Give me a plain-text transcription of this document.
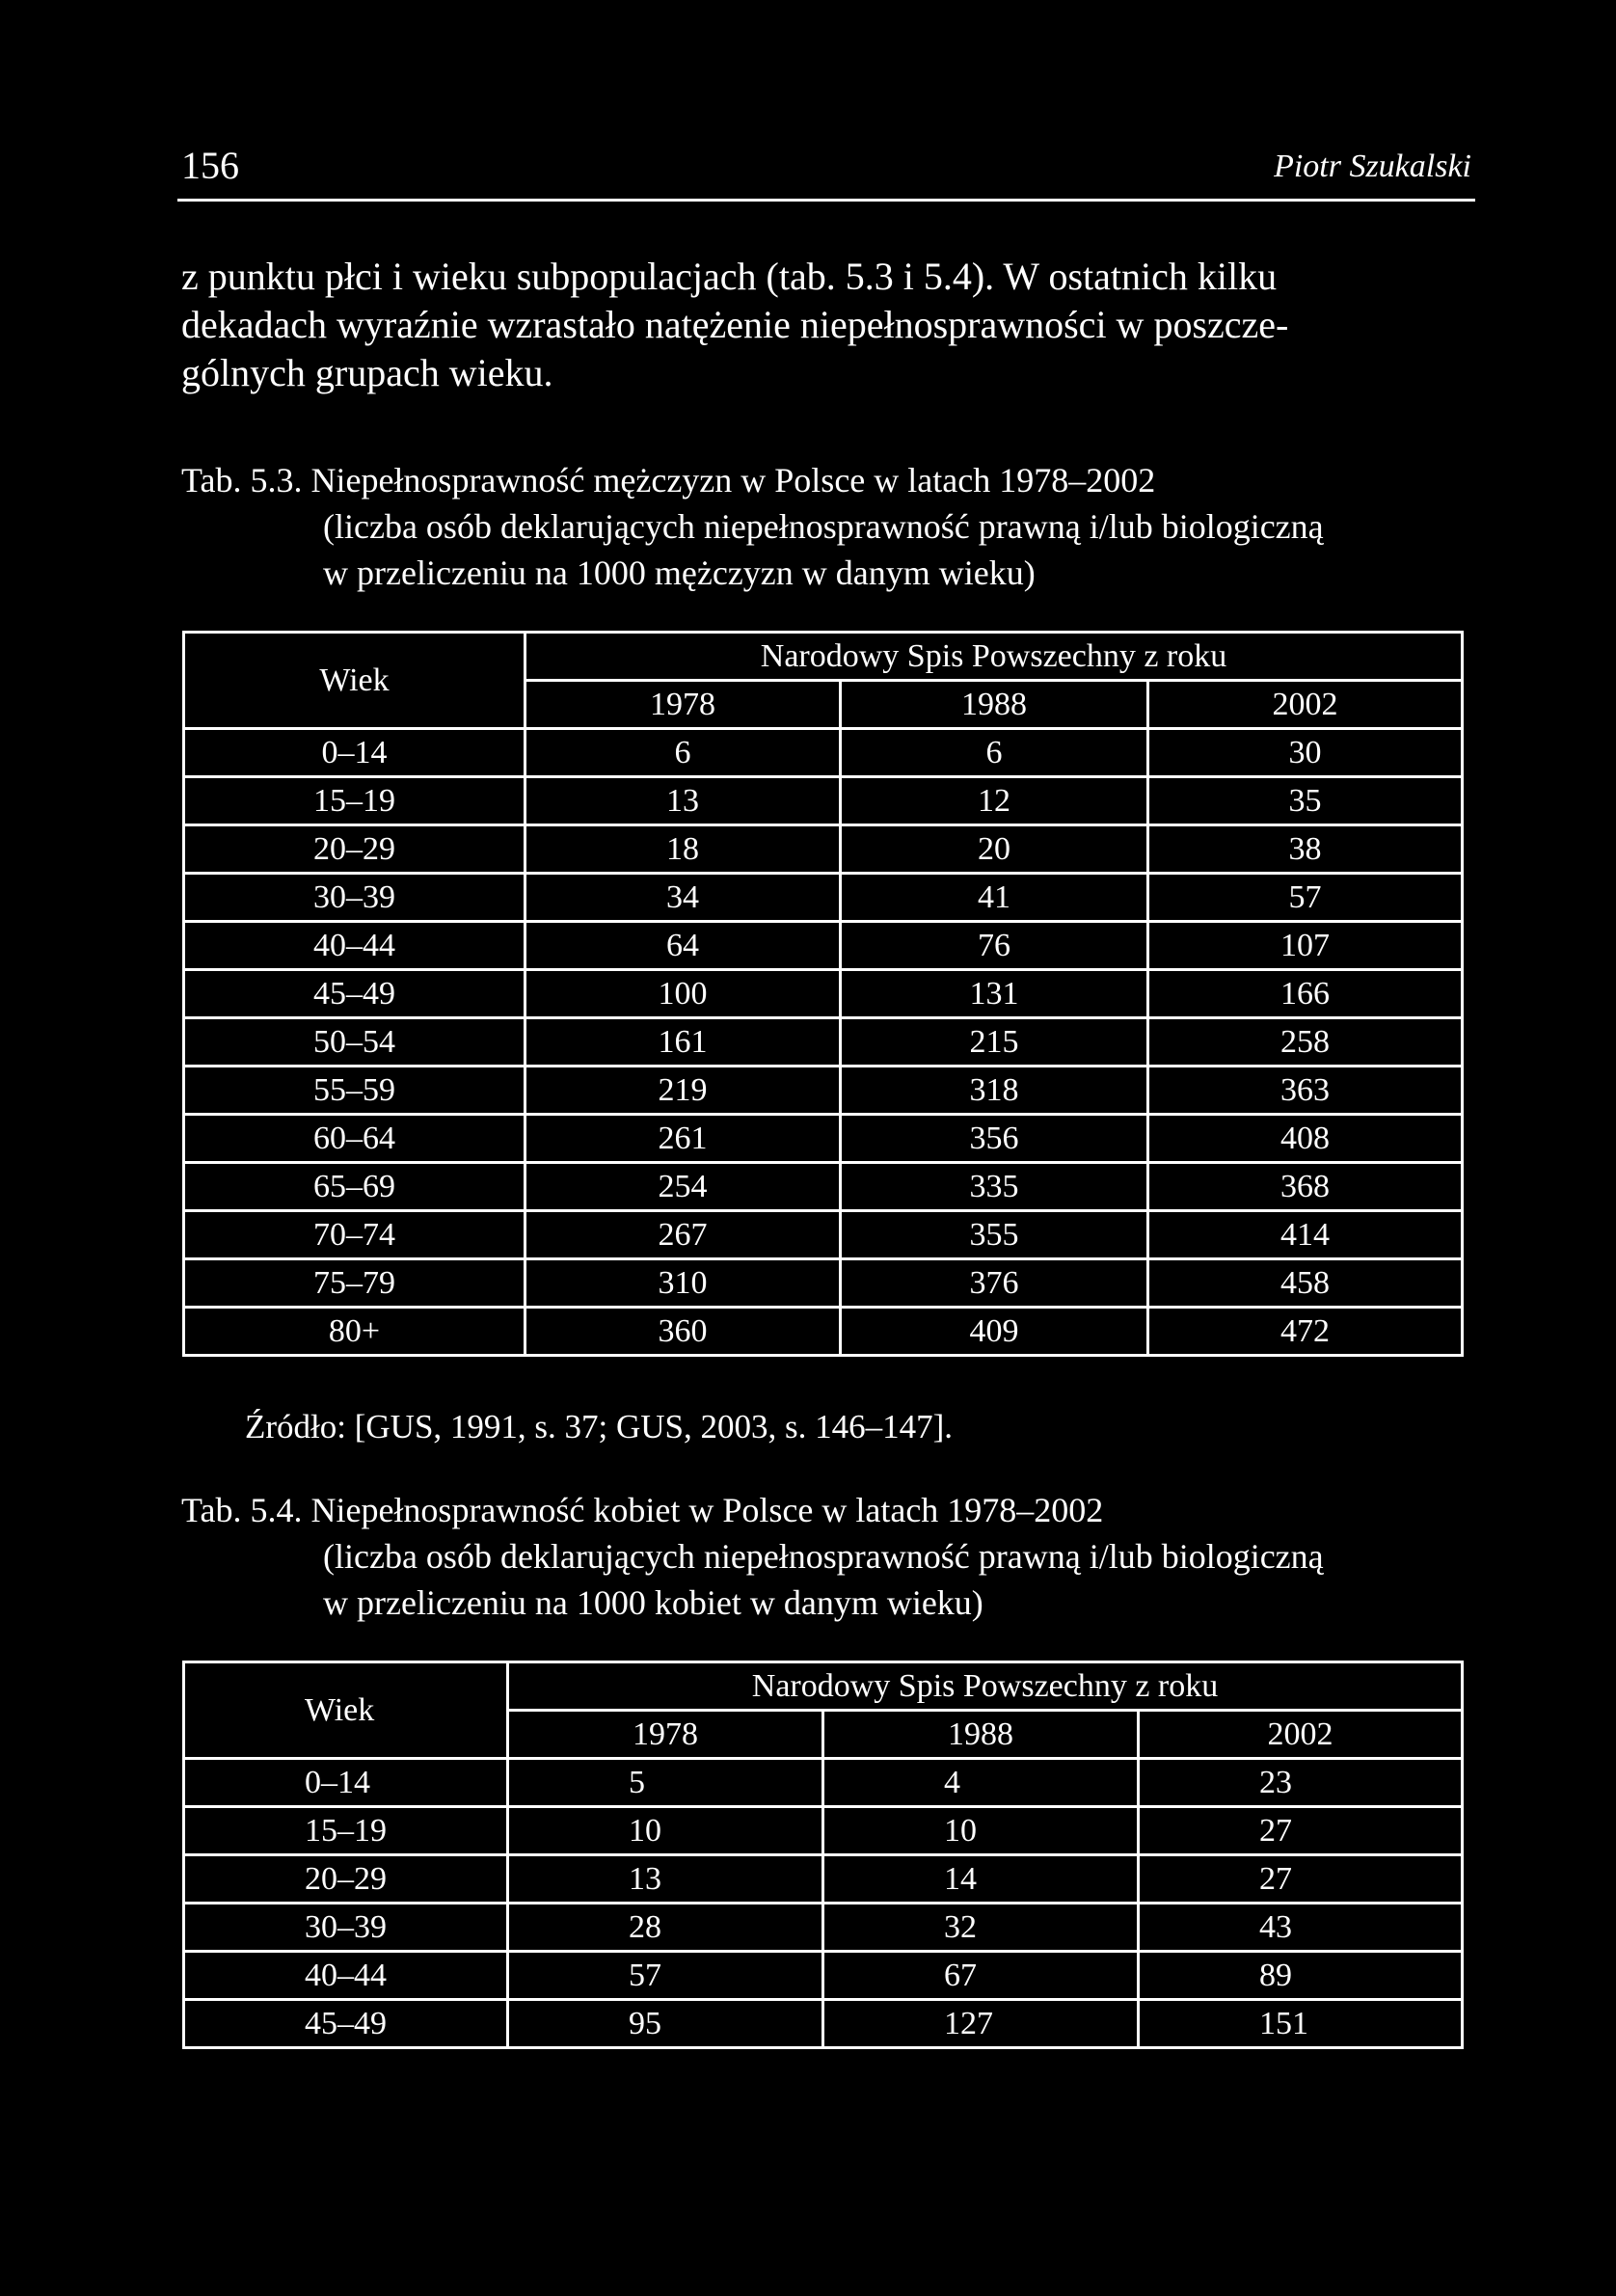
156	Piotr Szukalski
z punktu płci i wieku subpopulacjach (tab. 5.3 i 5.4). W ostatnich kilku
dekadach wyraźnie wzrastało natężenie niepełnosprawności w poszcze-
gólnych grupach wieku.
Tab. 5.3. Niepełnosprawność mężczyzn w Polsce w latach 1978–2002
(liczba osób deklarujących niepełnosprawność prawną i/lub biologiczną
w przeliczeniu na 1000 mężczyzn w danym wieku)
Wiek	Narodowy Spis Powszechny z roku		
	1978	1988	2002
0–14	6	6	30
15–19	13	12	35
20–29	18	20	38
30–39	34	41	57
40–44	64	76	107
45–49	100	131	166
50–54	161	215	258
55–59	219	318	363
60–64	261	356	408
65–69	254	335	368
70–74	267	355	414
75–79	310	376	458
80+	360	409	472
Źródło: [GUS, 1991, s. 37; GUS, 2003, s. 146–147].
Tab. 5.4. Niepełnosprawność kobiet w Polsce w latach 1978–2002
(liczba osób deklarujących niepełnosprawność prawną i/lub biologiczną
w przeliczeniu na 1000 kobiet w danym wieku)
Wiek	Narodowy Spis Powszechny z roku		
	1978	1988	2002
0–14	5	4	23
15–19	10	10	27
20–29	13	14	27
30–39	28	32	43
40–44	57	67	89
45–49	95	127	151
